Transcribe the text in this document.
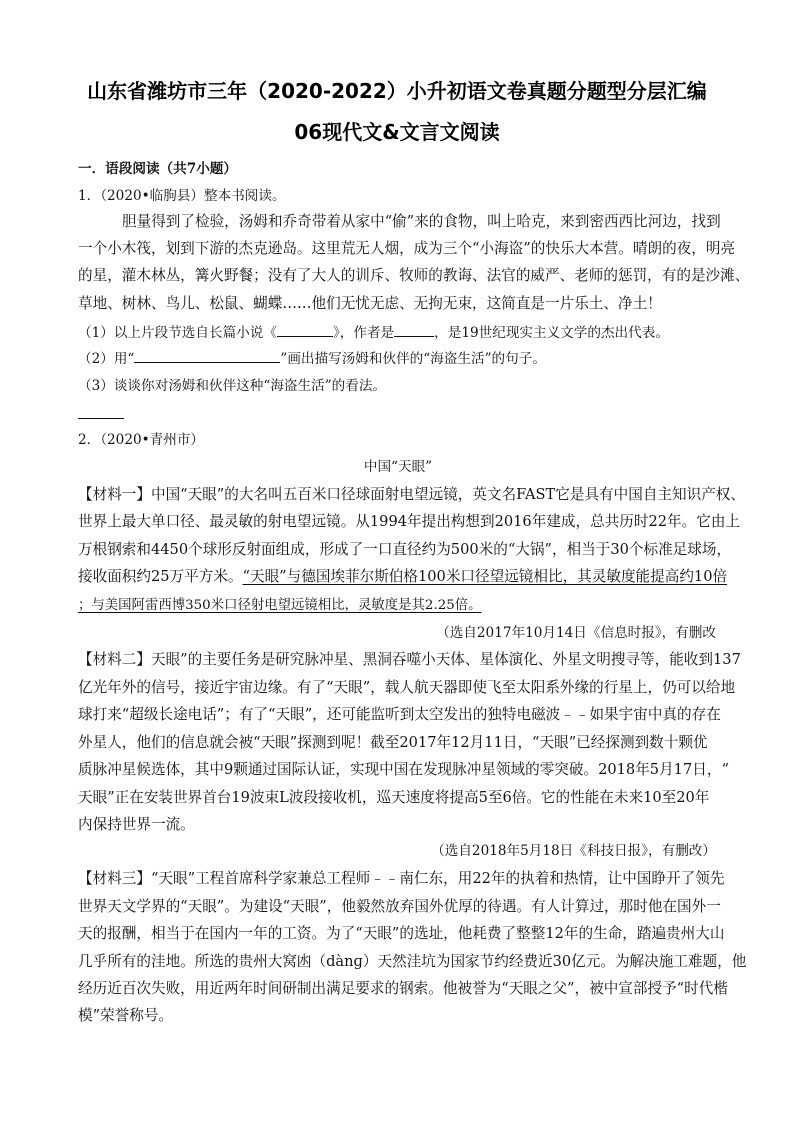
山东省潍坊市三年（2020-2022）小升初语文卷真题分题型分层汇编
06现代文&文言文阅读
一．语段阅读（共7小题）
1．（2020•临朐县）整本书阅读。
胆量得到了检验，汤姆和乔奇带着从家中“偷”来的食物，叫上哈克，来到密西西比河边，找到
一个小木筏，划到下游的杰克逊岛。这里荒无人烟，成为三个“小海盗”的快乐大本营。晴朗的夜，明亮
的星，灌木林丛，篝火野餐；没有了大人的训斥、牧师的教诲、法官的威严、老师的惩罚，有的是沙滩、
草地、树林、鸟儿、松鼠、蝴蝶……他们无忧无虑、无拘无束，这简直是一片乐土、净土！
（1）以上片段节选自长篇小说《	》，作者是	，是19世纪现实主义文学的杰出代表。
（2）用“	”画出描写汤姆和伙伴的“海盗生活”的句子。
（3）谈谈你对汤姆和伙伴这种“海盗生活”的看法。
2．（2020•青州市）
中国“天眼”
【材料一】中国“天眼”的大名叫五百米口径球面射电望远镜，英文名FAST它是具有中国自主知识产权、
世界上最大单口径、最灵敏的射电望远镜。从1994年提出构想到2016年建成，总共历时22年。它由上
万根钢索和4450个球形反射面组成，形成了一口直径约为500米的“大锅”，相当于30个标准足球场，
接收面积约25万平方米。“天眼”与德国埃菲尔斯伯格100米口径望远镜相比，其灵敏度能提高约10倍
；与美国阿雷西博350米口径射电望远镜相比，灵敏度是其2.25倍。
（选自2017年10月14日《信息时报》，有删改
【材料二】天眼”的主要任务是研究脉冲星、黑洞吞噬小天体、星体演化、外星文明搜寻等，能收到137
亿光年外的信号，接近宇宙边缘。有了“天眼”，载人航天器即使飞至太阳系外缘的行星上，仍可以给地
球打来“超级长途电话”；有了“天眼”，还可能监听到太空发出的独特电磁波﹣﹣如果宇宙中真的存在
外星人，他们的信息就会被“天眼”探测到呢！截至2017年12月11日，“天眼”已经探测到数十颗优
质脉冲星候选体，其中9颗通过国际认证，实现中国在发现脉冲星领域的零突破。2018年5月17日，“
天眼”正在安装世界首台19波束L波段接收机，巡天速度将提高5至6倍。它的性能在未来10至20年
内保持世界一流。
（选自2018年5月18日《科技日报》，有删改）
【材料三】“天眼”工程首席科学家兼总工程师﹣﹣南仁东，用22年的执着和热情，让中国睁开了领先
世界天文学界的“天眼”。为建设“天眼”，他毅然放弃国外优厚的待遇。有人计算过，那时他在国外一
天的报酬，相当于在国内一年的工资。为了“天眼”的选址，他耗费了整整12年的生命，踏遍贵州大山
几乎所有的洼地。所选的贵州大窝凼（dànɡ）天然洼坑为国家节约经费近30亿元。为解决施工难题，他
经历近百次失败，用近两年时间研制出满足要求的钢索。他被誉为“天眼之父”，被中宣部授予“时代楷
模”荣誉称号。
